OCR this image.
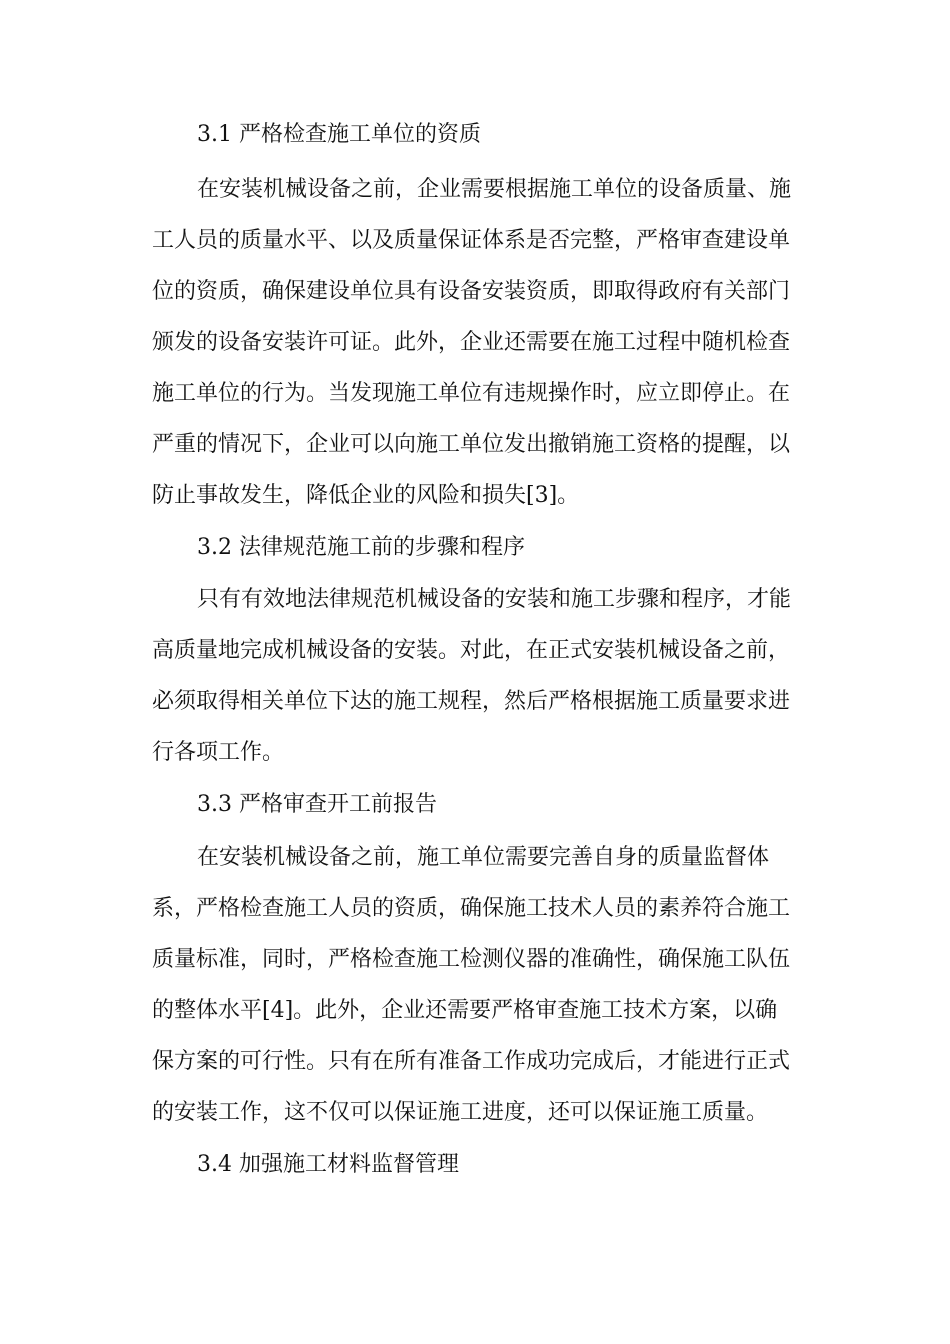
3.1 严格检查施工单位的资质
在安装机械设备之前，企业需要根据施工单位的设备质量、施
工人员的质量水平、以及质量保证体系是否完整，严格审查建设单
位的资质，确保建设单位具有设备安装资质，即取得政府有关部门
颁发的设备安装许可证。此外，企业还需要在施工过程中随机检查
施工单位的行为。当发现施工单位有违规操作时，应立即停止。在
严重的情况下，企业可以向施工单位发出撤销施工资格的提醒，以
防止事故发生，降低企业的风险和损失[3]。
3.2 法律规范施工前的步骤和程序
只有有效地法律规范机械设备的安装和施工步骤和程序，才能
高质量地完成机械设备的安装。对此，在正式安装机械设备之前，
必须取得相关单位下达的施工规程，然后严格根据施工质量要求进
行各项工作。
3.3 严格审查开工前报告
在安装机械设备之前，施工单位需要完善自身的质量监督体
系，严格检查施工人员的资质，确保施工技术人员的素养符合施工
质量标准，同时，严格检查施工检测仪器的准确性，确保施工队伍
的整体水平[4]。此外，企业还需要严格审查施工技术方案，以确
保方案的可行性。只有在所有准备工作成功完成后，才能进行正式
的安装工作，这不仅可以保证施工进度，还可以保证施工质量。
3.4 加强施工材料监督管理
